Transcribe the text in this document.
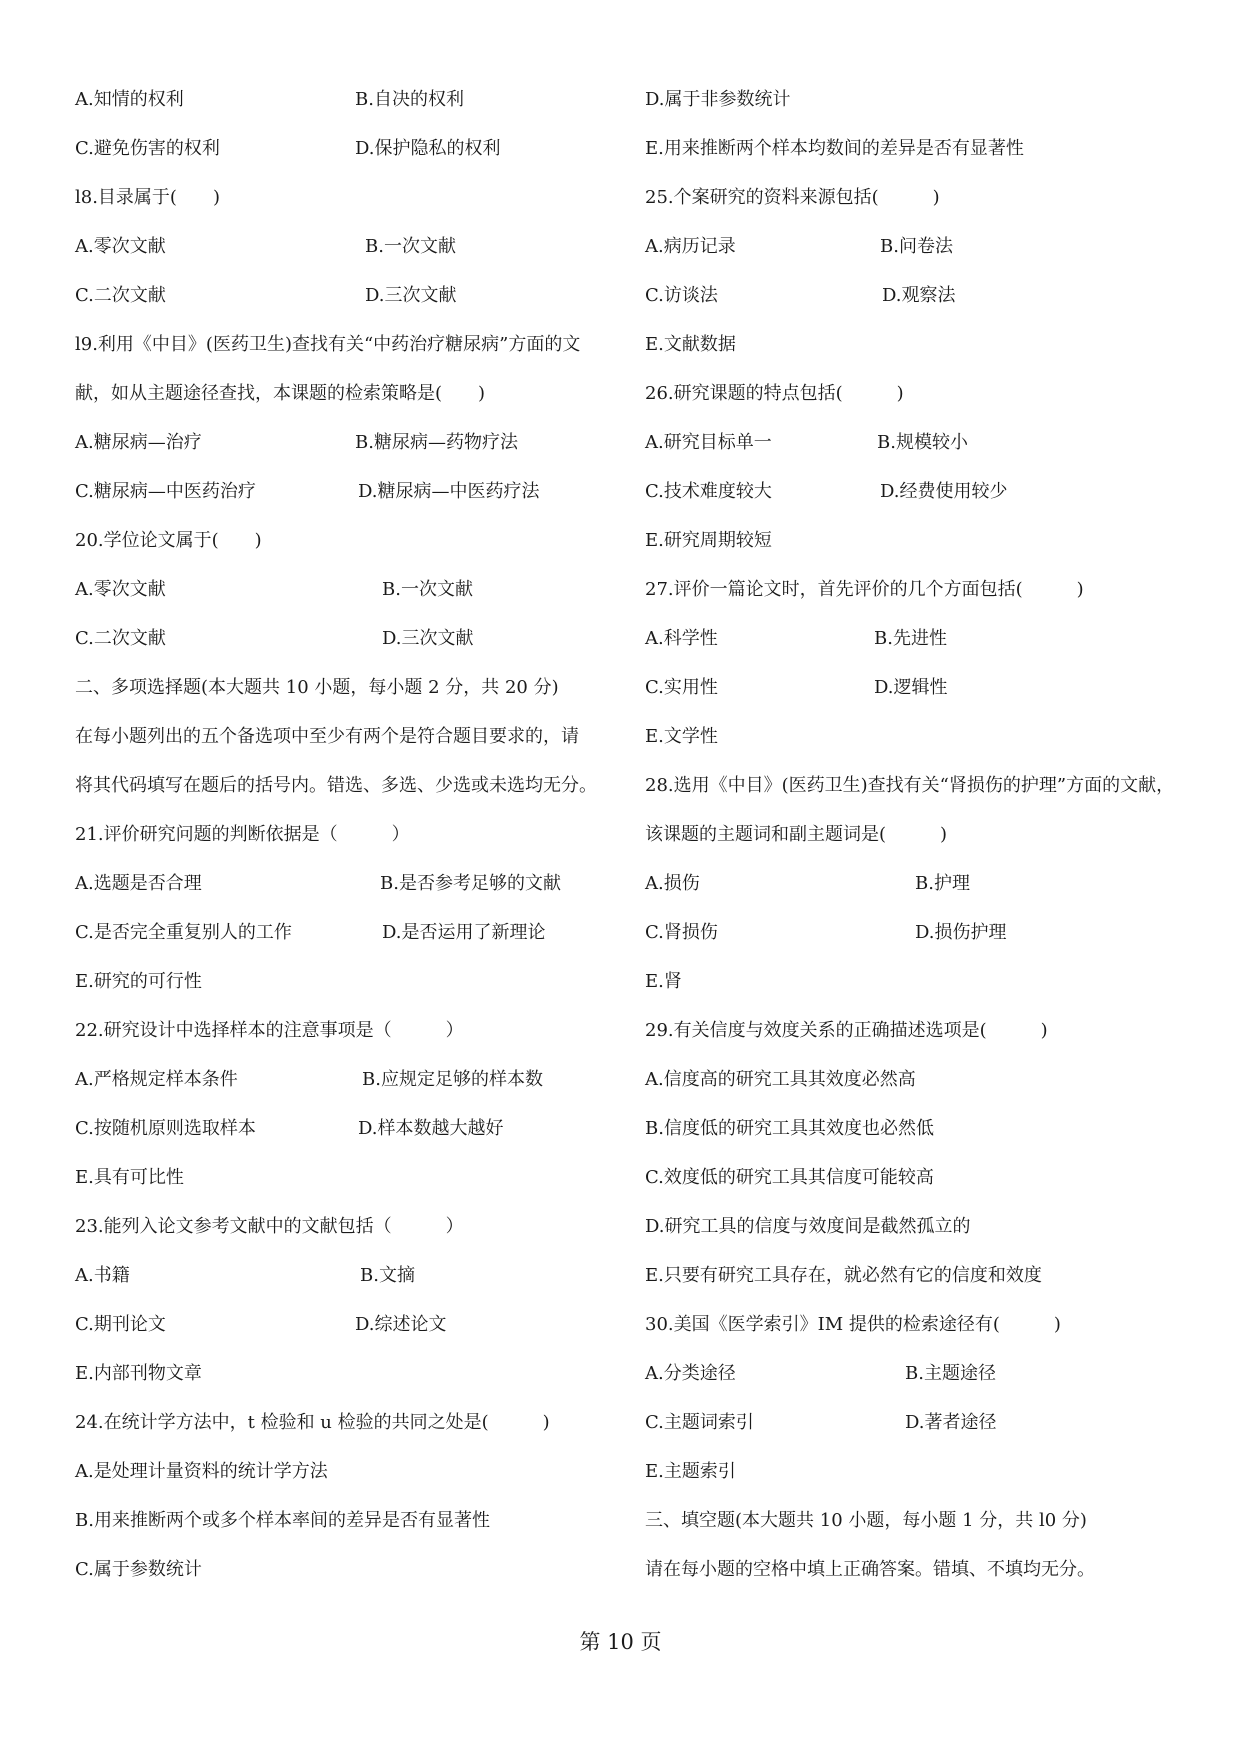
A.知情的权利	B.自决的权利
C.避免伤害的权利	D.保护隐私的权利
l8.目录属于(　　)
A.零次文献	B.一次文献
C.二次文献	D.三次文献
l9.利用《中目》(医药卫生)查找有关“中药治疗糖尿病”方面的文
献，如从主题途径查找，本课题的检索策略是(　　)
A.糖尿病—治疗	B.糖尿病—药物疗法
C.糖尿病—中医药治疗	D.糖尿病—中医药疗法
20.学位论文属于(　　)
A.零次文献	B.一次文献
C.二次文献	D.三次文献
二、多项选择题(本大题共 10 小题，每小题 2 分，共 20 分)
在每小题列出的五个备选项中至少有两个是符合题目要求的，请
将其代码填写在题后的括号内。错选、多选、少选或未选均无分。
21.评价研究问题的判断依据是（　　　）
A.选题是否合理	B.是否参考足够的文献
C.是否完全重复别人的工作	D.是否运用了新理论
E.研究的可行性
22.研究设计中选择样本的注意事项是（　　　）
A.严格规定样本条件	B.应规定足够的样本数
C.按随机原则选取样本	D.样本数越大越好
E.具有可比性
23.能列入论文参考文献中的文献包括（　　　）
A.书籍	B.文摘
C.期刊论文	D.综述论文
E.内部刊物文章
24.在统计学方法中，t 检验和 u 检验的共同之处是(　　　)
A.是处理计量资料的统计学方法
B.用来推断两个或多个样本率间的差异是否有显著性
C.属于参数统计
D.属于非参数统计
E.用来推断两个样本均数间的差异是否有显著性
25.个案研究的资料来源包括(　　　)
A.病历记录	B.问卷法
C.访谈法	D.观察法
E.文献数据
26.研究课题的特点包括(　　　)
A.研究目标单一	B.规模较小
C.技术难度较大	D.经费使用较少
E.研究周期较短
27.评价一篇论文时，首先评价的几个方面包括(　　　)
A.科学性	B.先进性
C.实用性	D.逻辑性
E.文学性
28.选用《中目》(医药卫生)查找有关“肾损伤的护理”方面的文献，
该课题的主题词和副主题词是(　　　)
A.损伤	B.护理
C.肾损伤	D.损伤护理
E.肾
29.有关信度与效度关系的正确描述选项是(　　　)
A.信度高的研究工具其效度必然高
B.信度低的研究工具其效度也必然低
C.效度低的研究工具其信度可能较高
D.研究工具的信度与效度间是截然孤立的
E.只要有研究工具存在，就必然有它的信度和效度
30.美国《医学索引》IM 提供的检索途径有(　　　)
A.分类途径	B.主题途径
C.主题词索引	D.著者途径
E.主题索引
三、填空题(本大题共 10 小题，每小题 1 分，共 l0 分)
请在每小题的空格中填上正确答案。错填、不填均无分。
第 10 页
